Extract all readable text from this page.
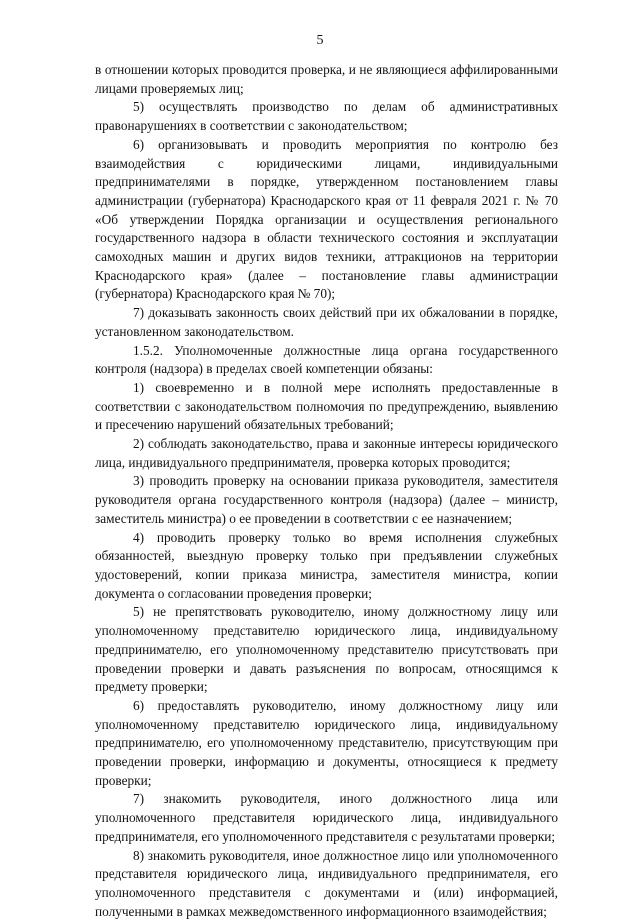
5

в отношении которых проводится проверка, и не являющиеся аффилированными лицами проверяемых лиц;

5) осуществлять производство по делам об административных правонарушениях в соответствии с законодательством;

6) организовывать и проводить мероприятия по контролю без взаимодействия с юридическими лицами, индивидуальными предпринимателями в порядке, утвержденном постановлением главы администрации (губернатора) Краснодарского края от 11 февраля 2021 г. № 70 «Об утверждении Порядка организации и осуществления регионального государственного надзора в области технического состояния и эксплуатации самоходных машин и других видов техники, аттракционов на территории Краснодарского края» (далее – постановление главы администрации (губернатора) Краснодарского края № 70);

7) доказывать законность своих действий при их обжаловании в порядке, установленном законодательством.

1.5.2. Уполномоченные должностные лица органа государственного контроля (надзора) в пределах своей компетенции обязаны:

1) своевременно и в полной мере исполнять предоставленные в соответствии с законодательством полномочия по предупреждению, выявлению и пресечению нарушений обязательных требований;

2) соблюдать законодательство, права и законные интересы юридического лица, индивидуального предпринимателя, проверка которых проводится;

3) проводить проверку на основании приказа руководителя, заместителя руководителя органа государственного контроля (надзора) (далее – министр, заместитель министра) о ее проведении в соответствии с ее назначением;

4) проводить проверку только во время исполнения служебных обязанностей, выездную проверку только при предъявлении служебных удостоверений, копии приказа министра, заместителя министра, копии документа о согласовании проведения проверки;

5) не препятствовать руководителю, иному должностному лицу или уполномоченному представителю юридического лица, индивидуальному предпринимателю, его уполномоченному представителю присутствовать при проведении проверки и давать разъяснения по вопросам, относящимся к предмету проверки;

6) предоставлять руководителю, иному должностному лицу или уполномоченному представителю юридического лица, индивидуальному предпринимателю, его уполномоченному представителю, присутствующим при проведении проверки, информацию и документы, относящиеся к предмету проверки;

7) знакомить руководителя, иного должностного лица или уполномоченного представителя юридического лица, индивидуального предпринимателя, его уполномоченного представителя с результатами проверки;

8) знакомить руководителя, иное должностное лицо или уполномоченного представителя юридического лица, индивидуального предпринимателя, его уполномоченного представителя с документами и (или) информацией, полученными в рамках межведомственного информационного взаимодействия;
